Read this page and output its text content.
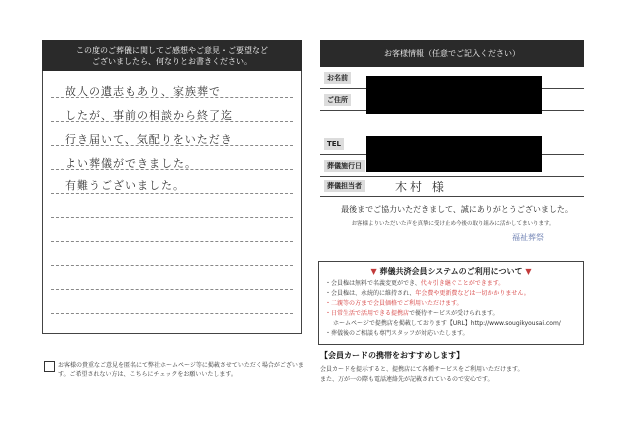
この度のご葬儀に関してご感想やご意見・ご要望など
ございましたら、何なりとお書きください。
故人の遺志もあり、家族葬で
したが、事前の相談から終了迄
行き届いて、気配りをいただき
よい葬儀ができました。
有難うございました。
お客様の貴重なご意見を匿名にて弊社ホームページ等に掲載させていただく場合がございます。ご希望されない方は、こちらにチェックをお願いいたします。
お客様情報（任意でご記入ください）
お名前
ご住所
TEL
葬儀施行日
葬儀担当者	木村 様
最後までご協力いただきまして、誠にありがとうございました。
お客様よりいただいた声を真摯に受け止め今後の取り組みに活かしてまいります。
福祉葬祭
▼ 葬儀共済会員システムのご利用について ▼
・会員権は無料で名義変更ができ、代々引き継ぐことができます。
・会員権は、永続的に維持され、年会費や更新費などは一切かかりません。
・二親等の方まで会員価格でご利用いただけます。
・日常生活で活用できる提携店で優待サービスが受けられます。
ホームページで提携店を掲載しております【URL】http://www.sougikyousai.com/
・葬儀後のご相談も専門スタッフが対応いたします。
【会員カードの携帯をおすすめします】
会員カードを提示すると、提携店にて各種サービスをご利用いただけます。
また、万が一の際も電話連絡先が記載されているので安心です。
